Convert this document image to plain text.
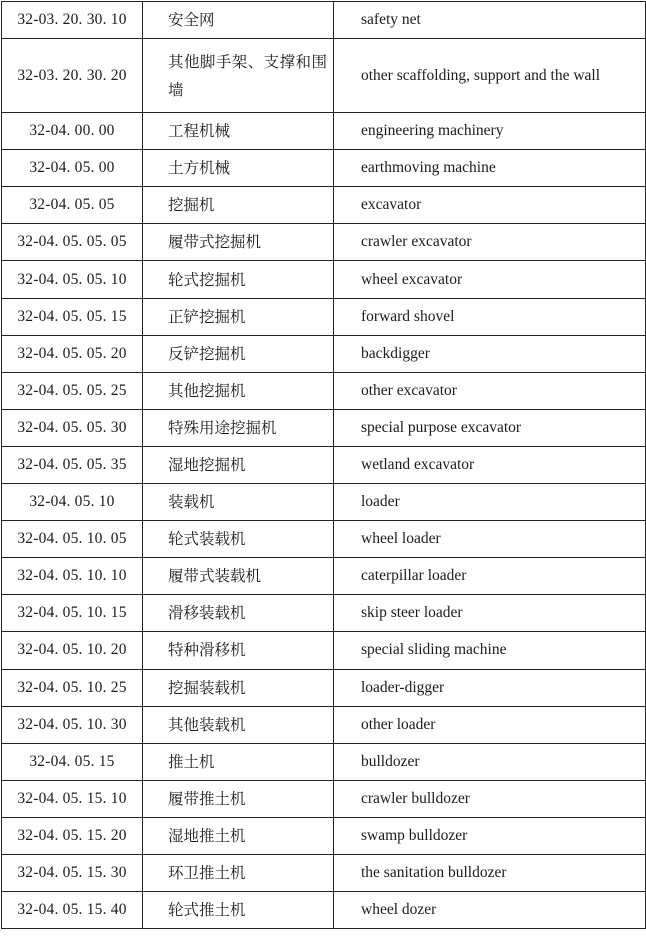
32-03. 20. 30. 10	安全网	safety net
32-03. 20. 30. 20	其他脚手架、支撑和围墙	other scaffolding, support and the wall
32-04. 00. 00	工程机械	engineering machinery
32-04. 05. 00	土方机械	earthmoving machine
32-04. 05. 05	挖掘机	excavator
32-04. 05. 05. 05	履带式挖掘机	crawler excavator
32-04. 05. 05. 10	轮式挖掘机	wheel excavator
32-04. 05. 05. 15	正铲挖掘机	forward shovel
32-04. 05. 05. 20	反铲挖掘机	backdigger
32-04. 05. 05. 25	其他挖掘机	other excavator
32-04. 05. 05. 30	特殊用途挖掘机	special purpose excavator
32-04. 05. 05. 35	湿地挖掘机	wetland excavator
32-04. 05. 10	装载机	loader
32-04. 05. 10. 05	轮式装载机	wheel loader
32-04. 05. 10. 10	履带式装载机	caterpillar loader
32-04. 05. 10. 15	滑移装载机	skip steer loader
32-04. 05. 10. 20	特种滑移机	special sliding machine
32-04. 05. 10. 25	挖掘装载机	loader-digger
32-04. 05. 10. 30	其他装载机	other loader
32-04. 05. 15	推土机	bulldozer
32-04. 05. 15. 10	履带推土机	crawler bulldozer
32-04. 05. 15. 20	湿地推土机	swamp bulldozer
32-04. 05. 15. 30	环卫推土机	the sanitation bulldozer
32-04. 05. 15. 40	轮式推土机	wheel dozer
